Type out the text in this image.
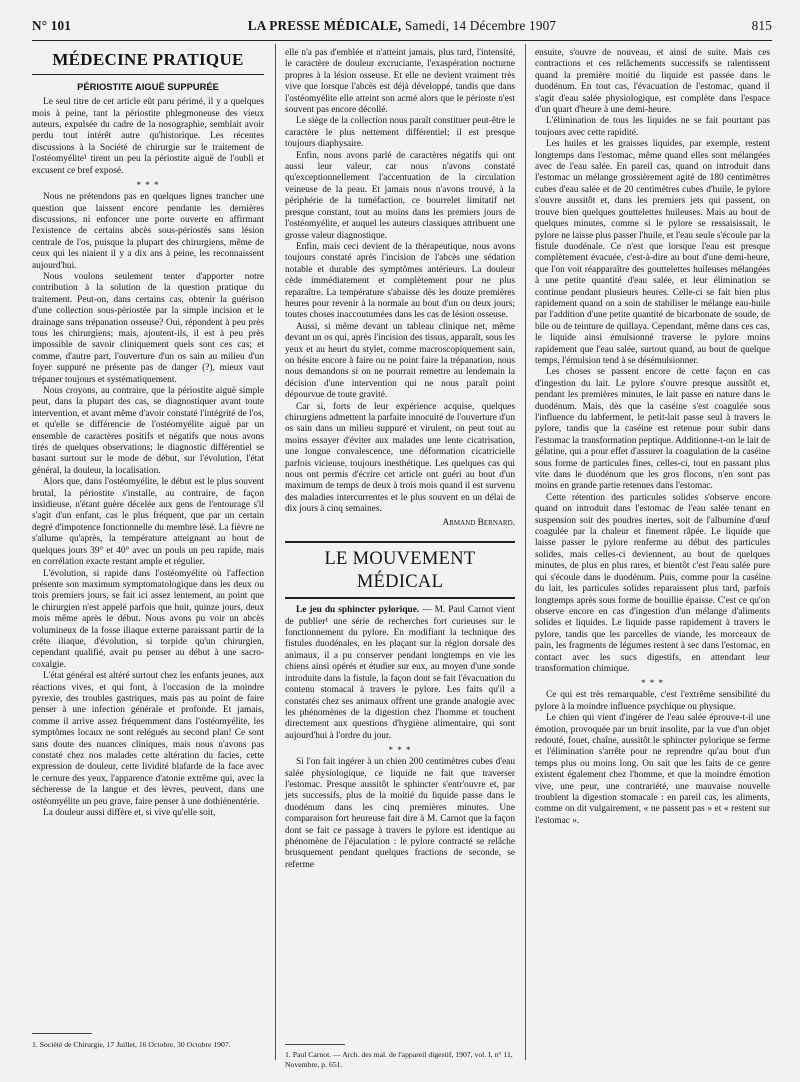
N° 101	LA PRESSE MÉDICALE, Samedi, 14 Décembre 1907	815
MÉDECINE PRATIQUE
PÉRIOSTITE AIGUË SUPPURÉE

Le seul titre de cet article eût paru périmé, il y a quelques mois à peine, tant la périostite phlegmoneuse des vieux auteurs, expulsée du cadre de la nosographie, semblait avoir perdu tout intérêt autre qu'historique. Les récentes discussions à la Société de chirurgie sur le traitement de l'ostéomyélite¹ tirent un peu la périostite aiguë de l'oubli et excusent ce bref exposé.

* * *

Nous ne prétendons pas en quelques lignes trancher une question que laissent encore pendante les dernières discussions, ni enfoncer une porte ouverte en affirmant l'existence de certains abcès sous-périostés sans lésion centrale de l'os, puisque la plupart des chirurgiens, même de ceux qui les niaient il y a dix ans à peine, les reconnaissent aujourd'hui.

Nous voulons seulement tenter d'apporter notre contribution à la solution de la question pratique du traitement. Peut-on, dans certains cas, obtenir la guérison d'une collection sous-périostée par la simple incision et le drainage sans trépanation osseuse? Oui, répondent à peu près tous les chirurgiens; mais, ajoutent-ils, il est à peu près impossible de savoir cliniquement quels sont ces cas; et comme, d'autre part, l'ouverture d'un os sain au milieu d'un foyer suppuré ne présente pas de danger (?), mieux vaut trépaner toujours et systématiquement.

Nous croyons, au contraire, que la périostite aiguë simple peut, dans la plupart des cas, se diagnostiquer avant toute intervention, et avant même d'avoir constaté l'intégrité de l'os, et qu'elle se différencie de l'ostéomyélite aiguë par un ensemble de caractères positifs et négatifs que nous avons tirés de quelques observations; le diagnostic différentiel se basant surtout sur le mode de début, sur l'évolution, l'état général, la douleur, la localisation.

Alors que, dans l'ostéomyélite, le début est le plus souvent brutal, la périostite s'installe, au contraire, de façon insidieuse, n'étant guère décelée aux gens de l'entourage s'il s'agit d'un enfant, cas le plus fréquent, que par un certain degré d'impotence fonctionnelle du membre lésé. La fièvre ne s'allume qu'après, la température atteignant au bout de quelques jours 39° et 40° avec un pouls un peu rapide, mais en corrélation exacte restant ample et régulier.

L'évolution, si rapide dans l'ostéomyélite où l'affection présente son maximum symptomatologique dans les deux ou trois premiers jours, se fait ici assez lentement, au point que le chirurgien n'est appelé parfois que huit, quinze jours, deux mois même après le début. Nous avons pu voir un abcès volumineux de la fosse iliaque externe paraissant partir de la crête iliaque, d'évolution, si torpide qu'un chirurgien, cependant qualifié, avait pu penser au début à une sacro-coxalgie.

L'état général est altéré surtout chez les enfants jeunes, aux réactions vives, et qui font, à l'occasion de la moindre pyrexie, des troubles gastriques, mais pas au point de faire penser à une infection générale et profonde. Et jamais, comme il arrive assez fréquemment dans l'ostéomyélite, les symptômes locaux ne sont relégués au second plan! Ce sont sans doute des nuances cliniques, mais nous n'avons pas constaté chez nos malades cette altération du facies, cette expression de douleur, cette lividité blafarde de la face avec le cernure des yeux, l'apparence d'atonie extrême qui, avec la sécheresse de la langue et des lèvres, peuvent, dans une ostéomyélite un peu grave, faire penser à une dothiénentérie.

La douleur aussi diffère et, si vive qu'elle soit,

1. Société de Chirurgie, 17 Juillet, 16 Octobre, 30 Octobre 1907.

elle n'a pas d'emblée et n'atteint jamais, plus tard, l'intensité, le caractère de douleur excruciante, l'exaspération nocturne propres à la lésion osseuse. Et elle ne devient vraiment très vive que lorsque l'abcès est déjà développé, tandis que dans l'ostéomyélite elle atteint son acmé alors que le périoste n'est souvent pas encore décollé.

Le siège de la collection nous paraît constituer peut-être le caractère le plus nettement différentiel; il est presque toujours diaphysaire.

Enfin, nous avons parlé de caractères négatifs qui ont aussi leur valeur, car nous n'avons constaté qu'exceptionnellement l'accentuation de la circulation veineuse de la peau. Et jamais nous n'avons trouvé, à la périphérie de la tuméfaction, ce bourrelet limitatif net presque constant, tout au moins dans les premiers jours de l'ostéomyélite, et auquel les auteurs classiques attribuent une grosse valeur diagnostique.

Enfin, mais ceci devient de la thérapeutique, nous avons toujours constaté après l'incision de l'abcès une sédation notable et durable des symptômes antérieurs. La douleur cède immédiatement et complètement pour ne plus reparaître. La température s'abaisse dès les douze premières heures pour revenir à la normale au bout d'un ou deux jours; toutes choses inaccoutumées dans les cas de lésion osseuse.

Aussi, si même devant un tableau clinique net, même devant un os qui, après l'incision des tissus, apparaît, sous les yeux et au heurt du stylet, comme macroscopiquement sain, on hésite encore à faire ou ne point faire la trépanation, nous nous demandons si on ne pourrait remettre au lendemain la décision d'une intervention qui ne nous paraît point dépourvue de toute gravité.

Car si, forts de leur expérience acquise, quelques chirurgiens admettent la parfaite innocuité de l'ouverture d'un os sain dans un milieu suppuré et virulent, on peut tout au moins essayer d'éviter aux malades une lente cicatrisation, une longue convalescence, une déformation cicatricielle parfois vicieuse, toujours inesthétique. Les quelques cas qui nous ont permis d'écrire cet article ont guéri au bout d'un maximum de temps de deux à trois mois quand il est survenu des maladies intercurrentes et le plus souvent en un délai de dix jours à cinq semaines.

Armand Bernard.
LE MOUVEMENT MÉDICAL

Le jeu du sphincter pylorique. — M. Paul Carnot vient de publier¹ une série de recherches fort curieuses sur le fonctionnement du pylore. En modifiant la technique des fistules duodénales, en les plaçant sur la région dorsale des animaux, il a pu conserver pendant longtemps en vie les chiens ainsi opérés et étudier sur eux, au moyen d'une sonde introduite dans la fistule, la façon dont se fait l'évacuation du contenu stomacal à travers le pylore. Les faits qu'il a constatés chez ses animaux offrent une grande analogie avec les phénomènes de la digestion chez l'homme et touchent directement aux questions d'hygiène alimentaire, qui sont aujourd'hui à l'ordre du jour.

* * *

Si l'on fait ingérer à un chien 200 centimètres cubes d'eau salée physiologique, ce liquide ne fait que traverser l'estomac. Presque aussitôt le sphincter s'entr'ouvre et, par jets successifs, plus de la moitié du liquide passe dans le duodénum dans les cinq premières minutes. Une comparaison fort heureuse fait dire à M. Carnot que la façon dont se fait ce passage à travers le pylore est identique au phénomène de l'éjaculation : le pylore contracté se relâche brusquement pendant quelques fractions de seconde, se referme

1. Paul Carnot. — Arch. des mal. de l'appareil digestif, 1907, vol. I, n° 11, Novembre, p. 651.

ensuite, s'ouvre de nouveau, et ainsi de suite. Mais ces contractions et ces relâchements successifs se ralentissent quand la première moitié du liquide est passée dans le duodénum. En tout cas, l'évacuation de l'estomac, quand il s'agit d'eau salée physiologique, est complète dans l'espace d'un quart d'heure à une demi-heure.

L'élimination de tous les liquides ne se fait pourtant pas toujours avec cette rapidité.

Les huiles et les graisses liquides, par exemple, restent longtemps dans l'estomac, même quand elles sont mélangées avec de l'eau salée. En pareil cas, quand on introduit dans l'estomac un mélange grossièrement agité de 180 centimètres cubes d'eau salée et de 20 centimètres cubes d'huile, le pylore s'ouvre aussitôt et, dans les premiers jets qui passent, on trouve bien quelques gouttelettes huileuses. Mais au bout de quelques minutes, comme si le pylore se ressaisissait, le pylore ne laisse plus passer l'huile, et l'eau seule s'écoule par la fistule duodénale. Ce n'est que lorsque l'eau est presque complètement évacuée, c'est-à-dire au bout d'une demi-heure, que l'on voit réapparaître des gouttelettes huileuses mélangées à une petite quantité d'eau salée, et leur élimination se continue pendant plusieurs heures. Celle-ci se fait bien plus rapidement quand on a soin de stabiliser le mélange eau-huile par l'addition d'une petite quantité de bicarbonate de soude, de bile ou de teinture de quillaya. Cependant, même dans ces cas, le liquide ainsi émulsionné traverse le pylore moins rapidement que l'eau salée, surtout quand, au bout de quelque temps, l'émulsion tend à se désémulsionner.

Les choses se passent encore de cette façon en cas d'ingestion du lait. Le pylore s'ouvre presque aussitôt et, pendant les premières minutes, le lait passe en nature dans le duodénum. Mais, dès que la caséine s'est coagulée sous l'influence du labferment, le petit-lait passe seul à travers le pylore, tandis que la caséine est retenue pour subir dans l'estomac la transformation peptique. Additionne-t-on le lait de gélatine, qui a pour effet d'assurer la coagulation de la caséine sous forme de particules fines, celles-ci, tout en passant plus vite dans le duodénum que les gros flocons, n'en sont pas moins en grande partie retenues dans l'estomac.

Cette rétention des particules solides s'observe encore quand on introduit dans l'estomac de l'eau salée tenant en suspension soit des poudres inertes, soit de l'albumine d'œuf coagulée par la chaleur et finement râpée. Le liquide que laisse passer le pylore renferme au début des particules solides, mais celles-ci deviennent, au bout de quelques minutes, de plus en plus rares, et bientôt c'est l'eau salée pure qui s'écoule dans le duodénum. Puis, comme pour la caséine du lait, les particules solides reparaissent plus tard, parfois longtemps après sous forme de bouillie épaisse. C'est ce qu'on observe encore en cas d'ingestion d'un mélange d'aliments solides et liquides. Le liquide passe rapidement à travers le pylore, tandis que les parcelles de viande, les morceaux de pain, les fragments de légumes restent à sec dans l'estomac, en contact avec les sucs digestifs, en attendant leur transformation chimique.

* * *

Ce qui est très remarquable, c'est l'extrême sensibilité du pylore à la moindre influence psychique ou physique.

Le chien qui vient d'ingérer de l'eau salée éprouve-t-il une émotion, provoquée par un bruit insolite, par la vue d'un objet redouté, fouet, chaîne, aussitôt le sphincter pylorique se ferme et l'élimination s'arrête pour ne reprendre qu'au bout d'un temps plus ou moins long. On sait que les faits de ce genre existent également chez l'homme, et que la moindre émotion vive, une peur, une contrariété, une mauvaise nouvelle troublent la digestion stomacale : en pareil cas, les aliments, comme on dit vulgairement, « ne passent pas » et « restent sur l'estomac ».
